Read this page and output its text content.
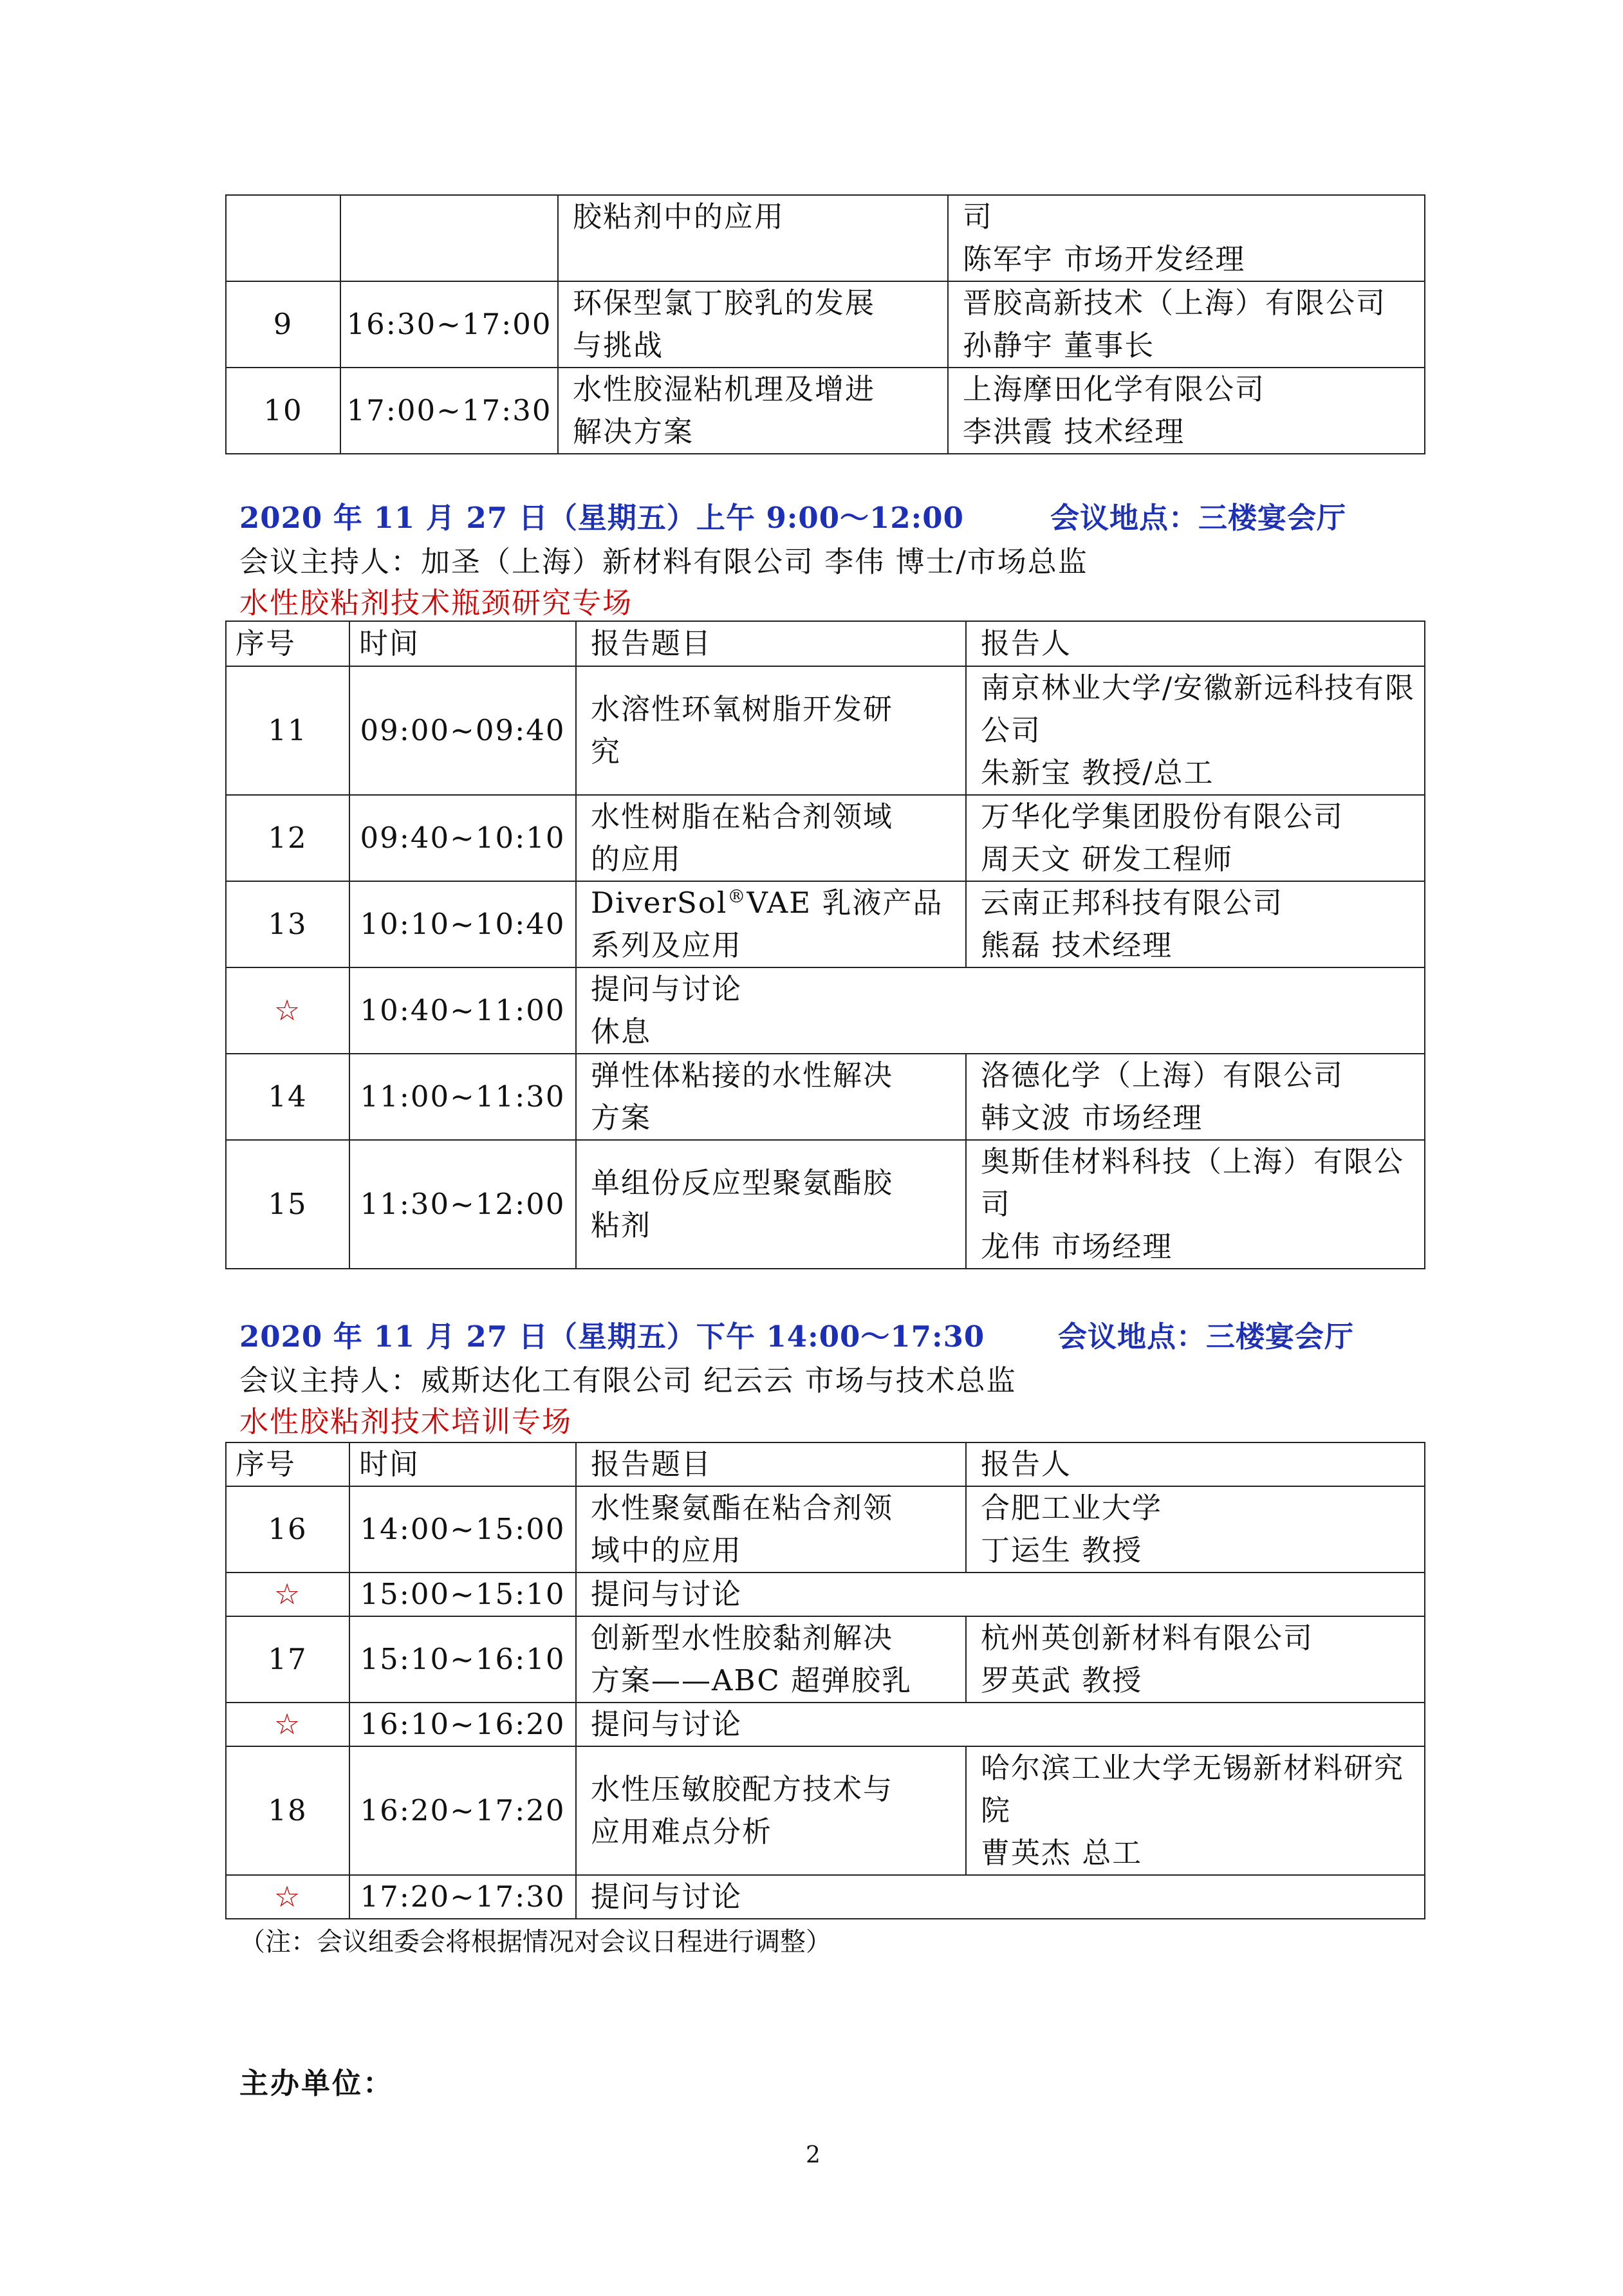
		胶粘剂中的应用	司
陈军宇 市场开发经理

9	16:30~17:00	环保型氯丁胶乳的发展
与挑战	晋胶高新技术（上海）有限公司
孙静宇 董事长

10	17:00~17:30	水性胶湿粘机理及增进
解决方案	上海摩田化学有限公司
李洪霞 技术经理
2020 年 11 月 27 日（星期五）上午 9:00～12:00	会议地点：三楼宴会厅
会议主持人：加圣（上海）新材料有限公司 李伟 博士/市场总监
水性胶粘剂技术瓶颈研究专场
序号	时间	报告题目	报告人
11	09:00~09:40	水溶性环氧树脂开发研
究	南京林业大学/安徽新远科技有限
公司
朱新宝 教授/总工

12	09:40~10:10	水性树脂在粘合剂领域
的应用	万华化学集团股份有限公司
周天文 研发工程师

13	10:10~10:40	DiverSol®VAE 乳液产品
系列及应用	云南正邦科技有限公司
熊磊 技术经理

☆	10:40~11:00	提问与讨论
休息	

14	11:00~11:30	弹性体粘接的水性解决
方案	洛德化学（上海）有限公司
韩文波 市场经理

15	11:30~12:00	单组份反应型聚氨酯胶
粘剂	奥斯佳材料科技（上海）有限公
司
龙伟 市场经理
2020 年 11 月 27 日（星期五）下午 14:00～17:30	会议地点：三楼宴会厅
会议主持人：威斯达化工有限公司 纪云云 市场与技术总监
水性胶粘剂技术培训专场
序号	时间	报告题目	报告人
16	14:00~15:00	水性聚氨酯在粘合剂领
域中的应用	合肥工业大学
丁运生 教授

☆	15:00~15:10	提问与讨论	
17	15:10~16:10	创新型水性胶黏剂解决
方案——ABC 超弹胶乳	杭州英创新材料有限公司
罗英武 教授

☆	16:10~16:20	提问与讨论	
18	16:20~17:20	水性压敏胶配方技术与
应用难点分析	哈尔滨工业大学无锡新材料研究
院
曹英杰 总工

☆	17:20~17:30	提问与讨论	
（注：会议组委会将根据情况对会议日程进行调整）
主办单位：
2
